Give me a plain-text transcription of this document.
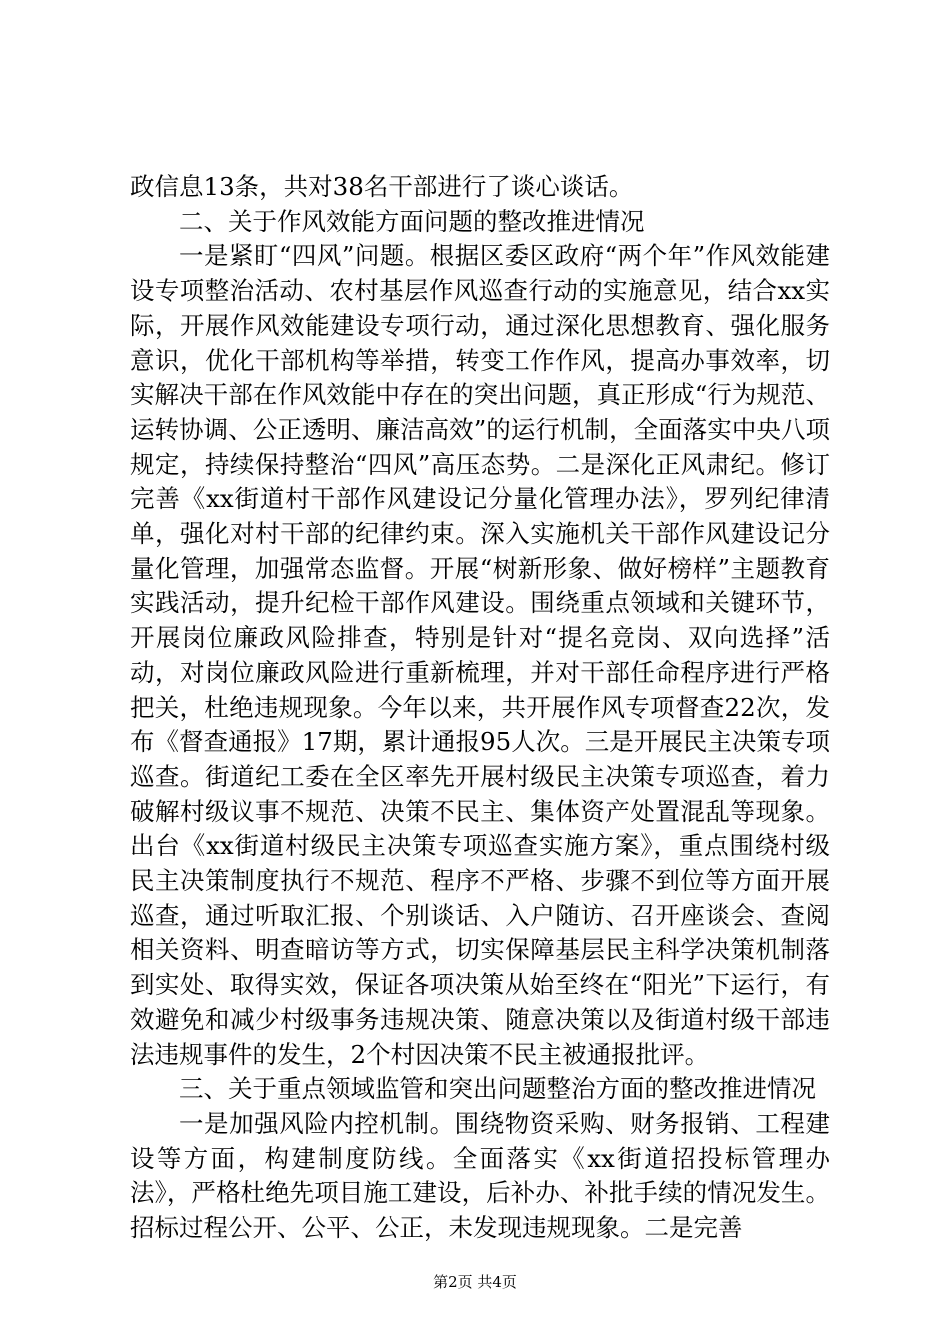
政信息13条，共对38名干部进行了谈心谈话。

二、关于作风效能方面问题的整改推进情况

一是紧盯“四风”问题。根据区委区政府“两个年”作风效能建设专项整治活动、农村基层作风巡查行动的实施意见，结合xx实际，开展作风效能建设专项行动，通过深化思想教育、强化服务意识，优化干部机构等举措，转变工作作风，提高办事效率，切实解决干部在作风效能中存在的突出问题，真正形成“行为规范、运转协调、公正透明、廉洁高效”的运行机制，全面落实中央八项规定，持续保持整治“四风”高压态势。二是深化正风肃纪。修订完善《xx街道村干部作风建设记分量化管理办法》，罗列纪律清单，强化对村干部的纪律约束。深入实施机关干部作风建设记分量化管理，加强常态监督。开展“树新形象、做好榜样”主题教育实践活动，提升纪检干部作风建设。围绕重点领域和关键环节，开展岗位廉政风险排查，特别是针对“提名竞岗、双向选择”活动，对岗位廉政风险进行重新梳理，并对干部任命程序进行严格把关，杜绝违规现象。今年以来，共开展作风专项督查22次，发布《督查通报》17期，累计通报95人次。三是开展民主决策专项巡查。街道纪工委在全区率先开展村级民主决策专项巡查，着力破解村级议事不规范、决策不民主、集体资产处置混乱等现象。出台《xx街道村级民主决策专项巡查实施方案》，重点围绕村级民主决策制度执行不规范、程序不严格、步骤不到位等方面开展巡查，通过听取汇报、个别谈话、入户随访、召开座谈会、查阅相关资料、明查暗访等方式，切实保障基层民主科学决策机制落到实处、取得实效，保证各项决策从始至终在“阳光”下运行，有效避免和减少村级事务违规决策、随意决策以及街道村级干部违法违规事件的发生，2个村因决策不民主被通报批评。

三、关于重点领域监管和突出问题整治方面的整改推进情况

一是加强风险内控机制。围绕物资采购、财务报销、工程建设等方面，构建制度防线。全面落实《xx街道招投标管理办法》，严格杜绝先项目施工建设，后补办、补批手续的情况发生。招标过程公开、公平、公正，未发现违规现象。二是完善

第2页 共4页
